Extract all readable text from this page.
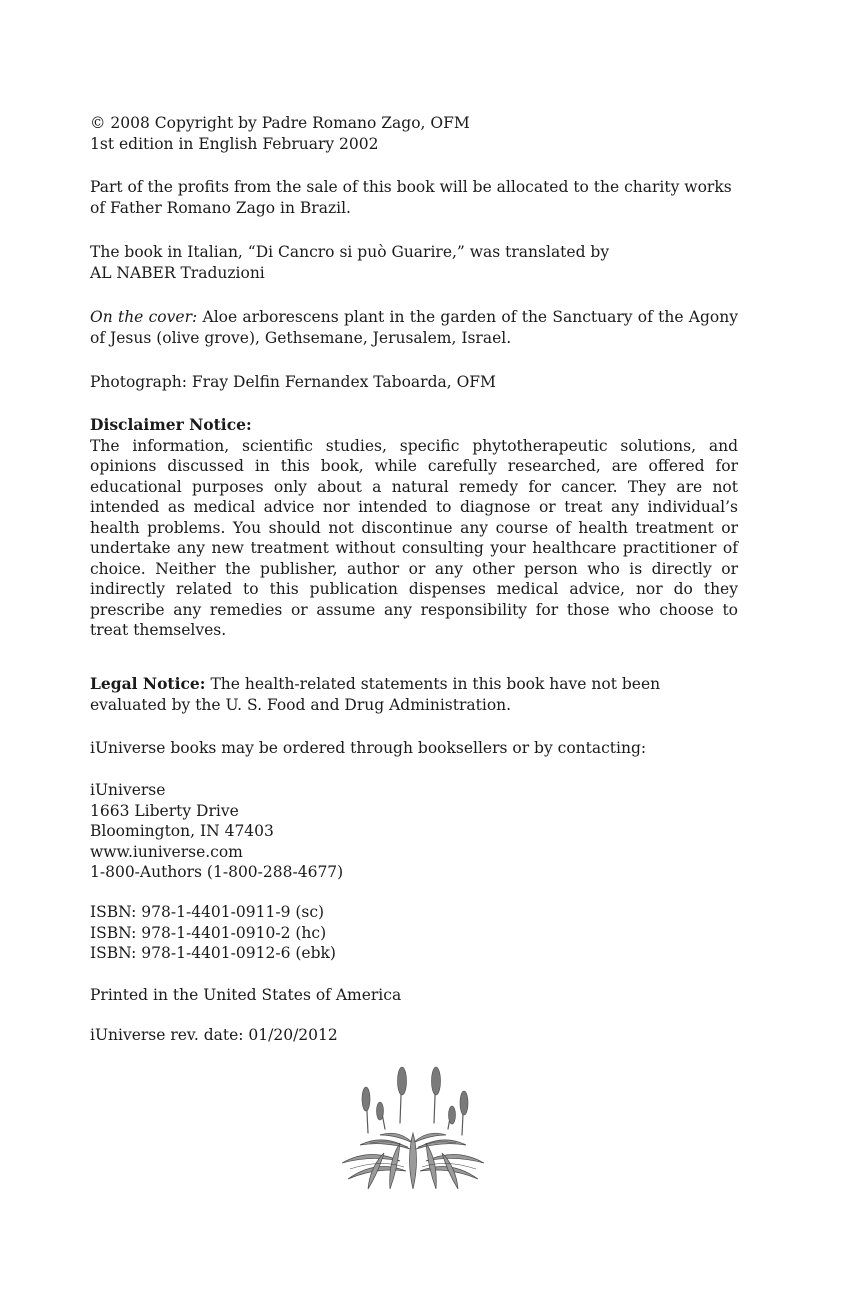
© 2008 Copyright by Padre Romano Zago, OFM
1st edition in English February 2002
Part of the profits from the sale of this book will be allocated to the charity works of Father Romano Zago in Brazil.
The book in Italian, “Di Cancro si può Guarire,” was translated by
AL NABER Traduzioni
On the cover: Aloe arborescens plant in the garden of the Sanctuary of the Agony of Jesus (olive grove), Gethsemane, Jerusalem, Israel.
Photograph: Fray Delfin Fernandex Taboarda, OFM
Disclaimer Notice:
The information, scientific studies, specific phytotherapeutic solutions, and opinions discussed in this book, while carefully researched, are offered for educational purposes only about a natural remedy for cancer. They are not intended as medical advice nor intended to diagnose or treat any individual’s health problems. You should not discontinue any course of health treatment or undertake any new treatment without consulting your healthcare practitioner of choice. Neither the publisher, author or any other person who is directly or indirectly related to this publication dispenses medical advice, nor do they prescribe any remedies or assume any responsibility for those who choose to treat themselves.
Legal Notice: The health-related statements in this book have not been evaluated by the U. S. Food and Drug Administration.
iUniverse books may be ordered through booksellers or by contacting:
iUniverse
1663 Liberty Drive
Bloomington, IN 47403
www.iuniverse.com
1-800-Authors (1-800-288-4677)
ISBN: 978-1-4401-0911-9 (sc)
ISBN: 978-1-4401-0910-2 (hc)
ISBN: 978-1-4401-0912-6 (ebk)
Printed in the United States of America
iUniverse rev. date: 01/20/2012
